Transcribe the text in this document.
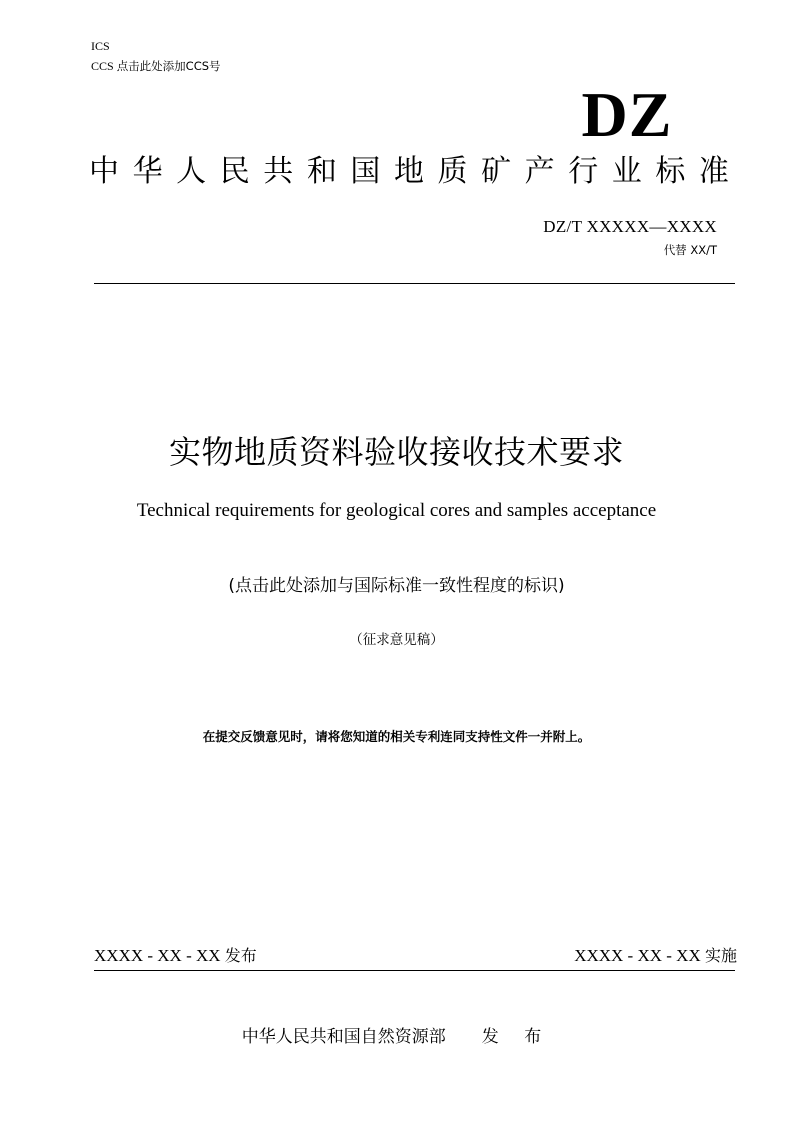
ICS
CCS 点击此处添加CCS号
DZ
中 华 人 民 共 和 国 地 质 矿 产 行 业 标 准
DZ/T XXXXX—XXXX
代替 XX/T
实物地质资料验收接收技术要求
Technical requirements for geological cores and samples acceptance
(点击此处添加与国际标准一致性程度的标识)
（征求意见稿）
在提交反馈意见时，请将您知道的相关专利连同支持性文件一并附上。
XXXX - XX - XX 发布	XXXX - XX - XX 实施
中华人民共和国自然资源部 发 布
